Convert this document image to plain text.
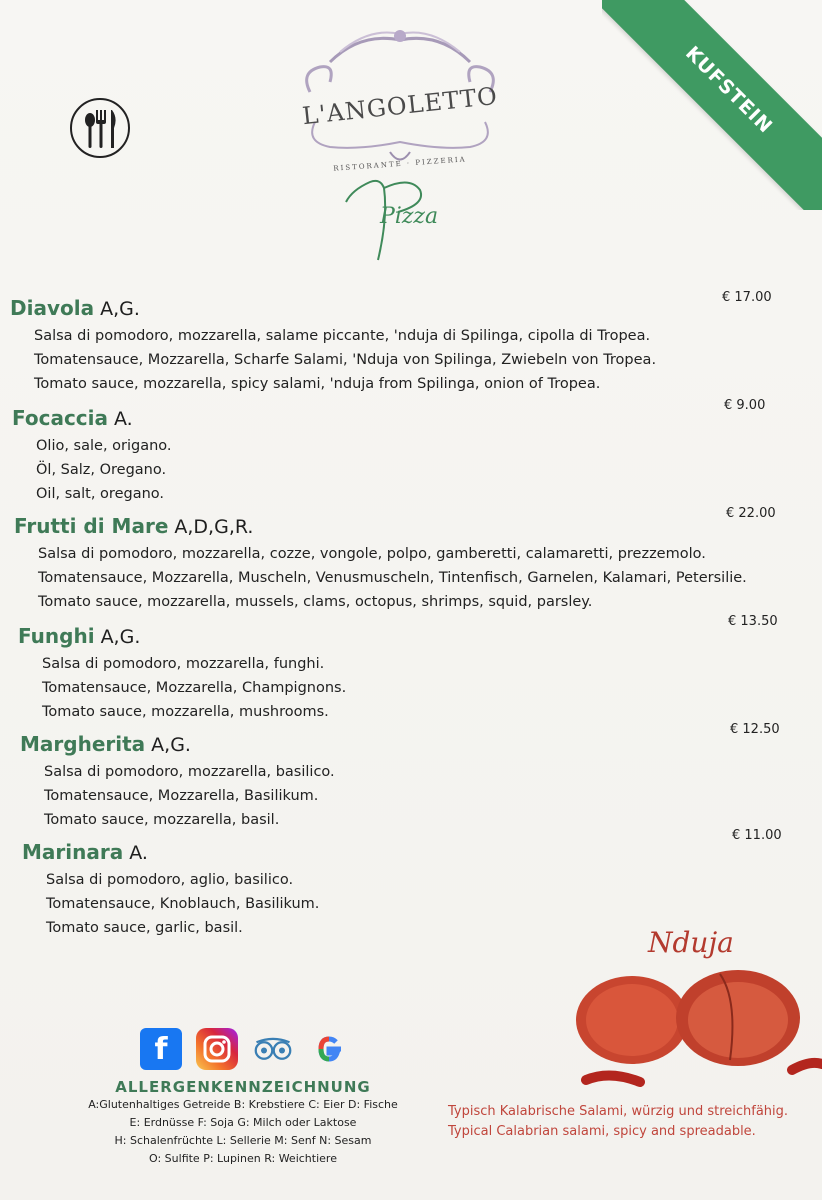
KUFSTEIN
L'ANGOLETTO
RISTORANTE · PIZZERIA
Pizza
Diavola A,G.
Salsa di pomodoro, mozzarella, salame piccante, 'nduja di Spilinga, cipolla di Tropea.
Tomatensauce, Mozzarella, Scharfe Salami, 'Nduja von Spilinga, Zwiebeln von Tropea.
Tomato sauce, mozzarella, spicy salami, 'nduja from Spilinga, onion of Tropea.
€ 17.00
Focaccia A.
Olio, sale, origano.
Öl, Salz, Oregano.
Oil, salt, oregano.
€ 9.00
Frutti di Mare A,D,G,R.
Salsa di pomodoro, mozzarella, cozze, vongole, polpo, gamberetti, calamaretti, prezzemolo.
Tomatensauce, Mozzarella, Muscheln, Venusmuscheln, Tintenfisch, Garnelen, Kalamari, Petersilie.
Tomato sauce, mozzarella, mussels, clams, octopus, shrimps, squid, parsley.
€ 22.00
Funghi A,G.
Salsa di pomodoro, mozzarella, funghi.
Tomatensauce, Mozzarella, Champignons.
Tomato sauce, mozzarella, mushrooms.
€ 13.50
Margherita A,G.
Salsa di pomodoro, mozzarella, basilico.
Tomatensauce, Mozzarella, Basilikum.
Tomato sauce, mozzarella, basil.
€ 12.50
Marinara A.
Salsa di pomodoro, aglio, basilico.
Tomatensauce, Knoblauch, Basilikum.
Tomato sauce, garlic, basil.
€ 11.00
f
ALLERGENKENNZEICHNUNG
A:Glutenhaltiges Getreide B: Krebstiere C: Eier D: Fische
E: Erdnüsse F: Soja G: Milch oder Laktose
H: Schalenfrüchte L: Sellerie M: Senf N: Sesam
O: Sulfite P: Lupinen R: Weichtiere
Nduja
Typisch Kalabrische Salami, würzig und streichfähig.
Typical Calabrian salami, spicy and spreadable.
